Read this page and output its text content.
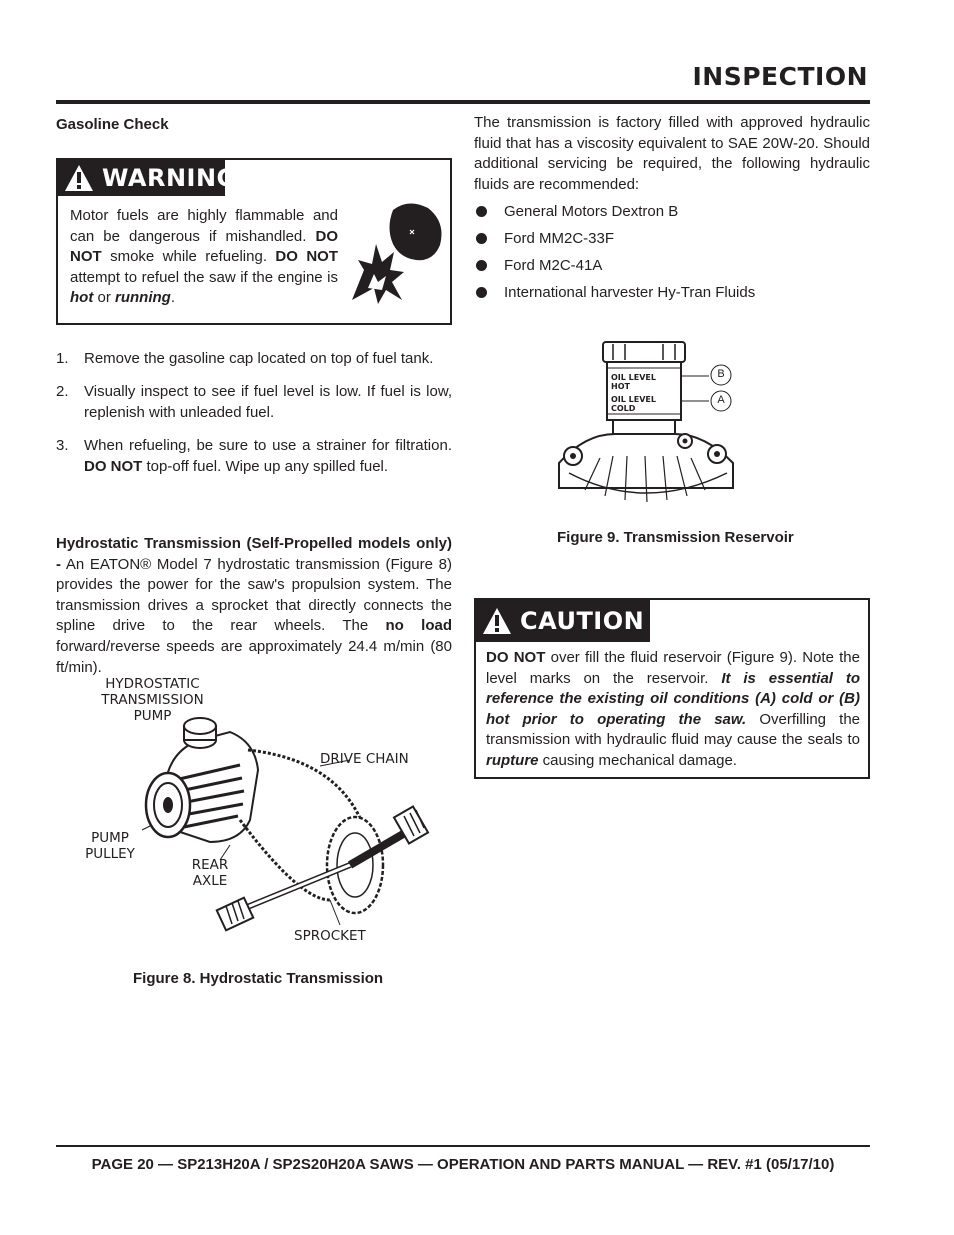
INSPECTION
Gasoline Check
WARNING
Motor fuels are highly flammable and can be dangerous if mishandled. DO NOT smoke while refueling. DO NOT attempt to refuel the saw if the engine is hot or running.
1.	Remove the gasoline cap located on top of fuel tank.
2.	Visually inspect to see if fuel level is low. If fuel is low, replenish with unleaded fuel.
3.	When refueling, be sure to use a strainer for filtration. DO NOT top-off fuel. Wipe up any spilled fuel.
Hydrostatic Transmission (Self-Propelled models only) - An EATON® Model 7 hydrostatic transmission (Figure 8) provides the power for the saw's propulsion system. The transmission drives a sprocket that directly connects the spline drive to the rear wheels. The no load forward/reverse speeds are approximately 24.4 m/min (80 ft/min).
HYDROSTATIC
TRANSMISSION
PUMP
DRIVE CHAIN
PUMP
PULLEY
REAR
AXLE
SPROCKET
Figure 8. Hydrostatic Transmission
The transmission is factory filled with approved hydraulic fluid that has a viscosity equivalent to SAE 20W-20. Should additional servicing be required, the following hydraulic fluids are recommended:
General Motors Dextron B
Ford MM2C-33F
Ford M2C-41A
International harvester Hy-Tran Fluids
OIL LEVEL HOT
OIL LEVEL COLD
B
A
Figure 9. Transmission Reservoir
CAUTION
DO NOT over fill the fluid reservoir (Figure 9). Note the level marks on the reservoir. It is essential to reference the existing oil conditions (A) cold or (B) hot prior to operating the saw. Overfilling the transmission with hydraulic fluid may cause the seals to rupture causing mechanical damage.
PAGE 20 — SP213H20A / SP2S20H20A SAWS — OPERATION AND PARTS MANUAL — REV. #1 (05/17/10)
